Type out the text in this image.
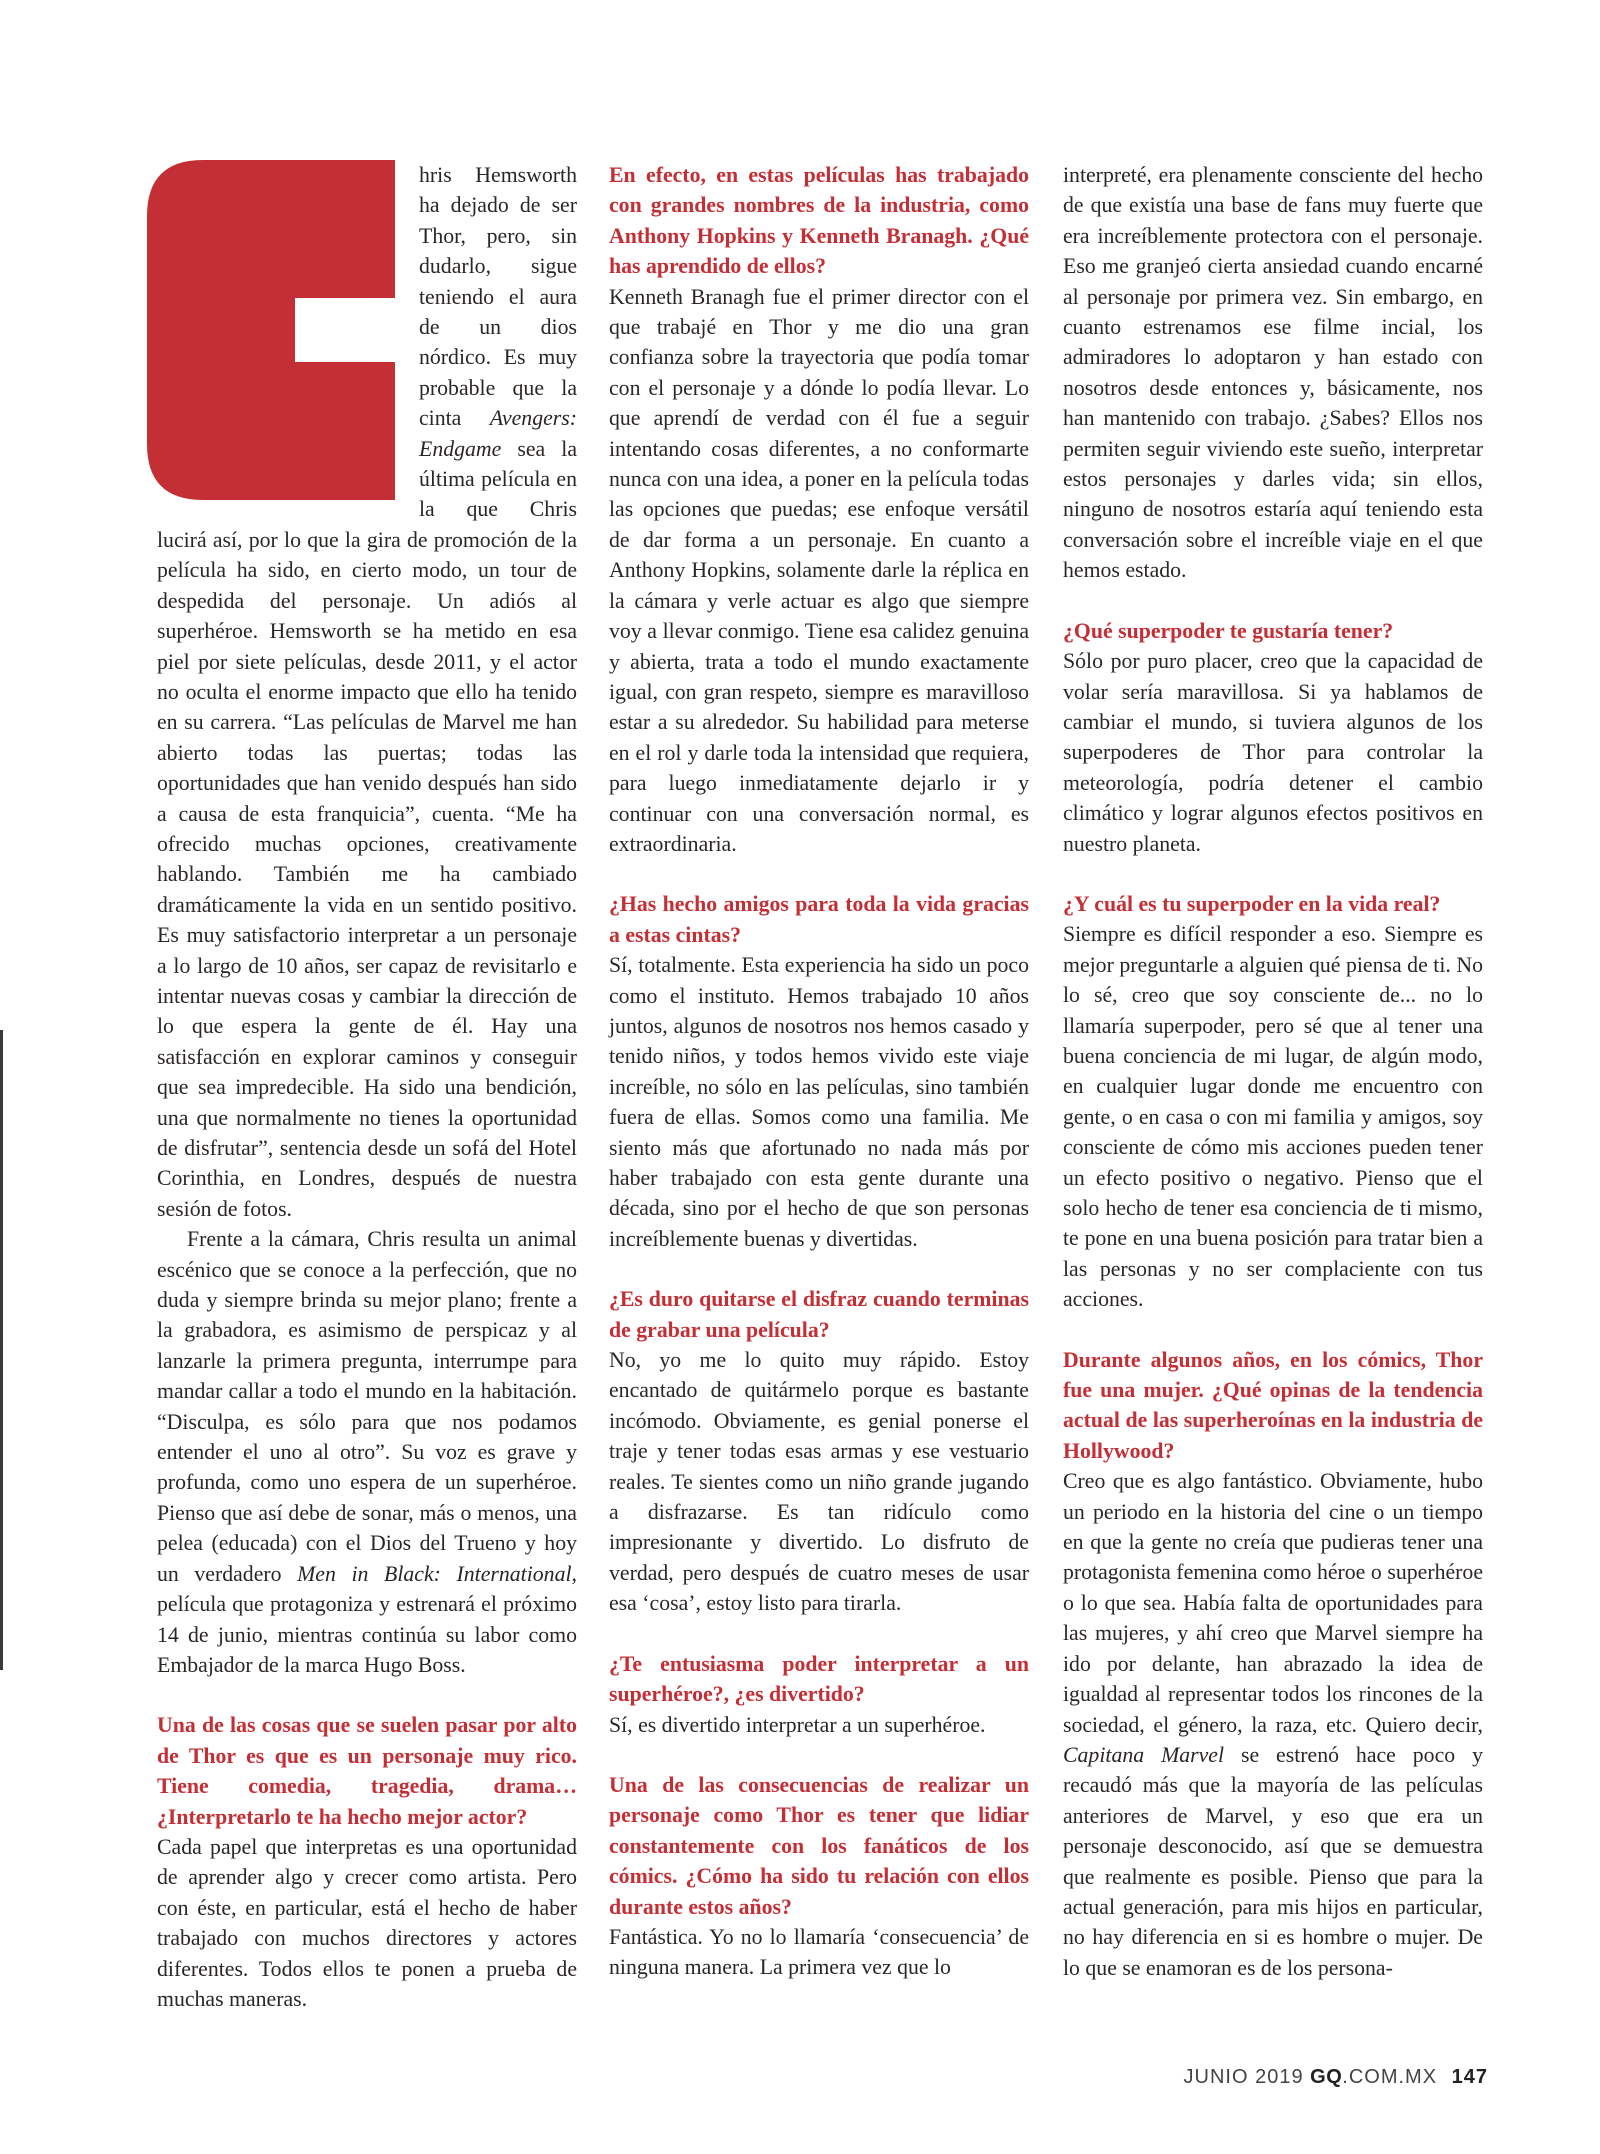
hris Hemsworth ha dejado de ser Thor, pero, sin dudarlo, sigue teniendo el aura de un dios nórdico. Es muy probable que la cinta Avengers: Endgame sea la última película en la que Chris lucirá así, por lo que la gira de promoción de la película ha sido, en cierto modo, un tour de despedida del personaje. Un adiós al superhéroe. Hemsworth se ha metido en esa piel por siete películas, desde 2011, y el actor no oculta el enorme impacto que ello ha tenido en su carrera. “Las películas de Marvel me han abierto todas las puertas; todas las oportunidades que han venido después han sido a causa de esta franquicia”, cuenta. “Me ha ofrecido muchas opciones, creativamente hablando. También me ha cambiado dramáticamente la vida en un sentido positivo. Es muy satisfactorio interpretar a un personaje a lo largo de 10 años, ser capaz de revisitarlo e intentar nuevas cosas y cambiar la dirección de lo que espera la gente de él. Hay una satisfacción en explorar caminos y conseguir que sea impredecible. Ha sido una bendición, una que normalmente no tienes la oportunidad de disfrutar”, sentencia desde un sofá del Hotel Corinthia, en Londres, después de nuestra sesión de fotos.

Frente a la cámara, Chris resulta un animal escénico que se conoce a la perfección, que no duda y siempre brinda su mejor plano; frente a la grabadora, es asimismo de perspicaz y al lanzarle la primera pregunta, interrumpe para mandar callar a todo el mundo en la habitación. “Disculpa, es sólo para que nos podamos entender el uno al otro”. Su voz es grave y profunda, como uno espera de un superhéroe. Pienso que así debe de sonar, más o menos, una pelea (educada) con el Dios del Trueno y hoy un verdadero Men in Black: International, película que protagoniza y estrenará el próximo 14 de junio, mientras continúa su labor como Embajador de la marca Hugo Boss.

Una de las cosas que se suelen pasar por alto de Thor es que es un personaje muy rico. Tiene comedia, tragedia, drama… ¿Interpretarlo te ha hecho mejor actor?

Cada papel que interpretas es una oportunidad de aprender algo y crecer como artista. Pero con éste, en particular, está el hecho de haber trabajado con muchos directores y actores diferentes. Todos ellos te ponen a prueba de muchas maneras.

En efecto, en estas películas has trabajado con grandes nombres de la industria, como Anthony Hopkins y Kenneth Branagh. ¿Qué has aprendido de ellos?

Kenneth Branagh fue el primer director con el que trabajé en Thor y me dio una gran confianza sobre la trayectoria que podía tomar con el personaje y a dónde lo podía llevar. Lo que aprendí de verdad con él fue a seguir intentando cosas diferentes, a no conformarte nunca con una idea, a poner en la película todas las opciones que puedas; ese enfoque versátil de dar forma a un personaje. En cuanto a Anthony Hopkins, solamente darle la réplica en la cámara y verle actuar es algo que siempre voy a llevar conmigo. Tiene esa calidez genuina y abierta, trata a todo el mundo exactamente igual, con gran respeto, siempre es maravilloso estar a su alrededor. Su habilidad para meterse en el rol y darle toda la intensidad que requiera, para luego inmediatamente dejarlo ir y continuar con una conversación normal, es extraordinaria.

¿Has hecho amigos para toda la vida gracias a estas cintas?

Sí, totalmente. Esta experiencia ha sido un poco como el instituto. Hemos trabajado 10 años juntos, algunos de nosotros nos hemos casado y tenido niños, y todos hemos vivido este viaje increíble, no sólo en las películas, sino también fuera de ellas. Somos como una familia. Me siento más que afortunado no nada más por haber trabajado con esta gente durante una década, sino por el hecho de que son personas increíblemente buenas y divertidas.

¿Es duro quitarse el disfraz cuando terminas de grabar una película?

No, yo me lo quito muy rápido. Estoy encantado de quitármelo porque es bastante incómodo. Obviamente, es genial ponerse el traje y tener todas esas armas y ese vestuario reales. Te sientes como un niño grande jugando a disfrazarse. Es tan ridículo como impresionante y divertido. Lo disfruto de verdad, pero después de cuatro meses de usar esa ‘cosa’, estoy listo para tirarla.

¿Te entusiasma poder interpretar a un superhéroe?, ¿es divertido?

Sí, es divertido interpretar a un superhéroe.

Una de las consecuencias de realizar un personaje como Thor es tener que lidiar constantemente con los fanáticos de los cómics. ¿Cómo ha sido tu relación con ellos durante estos años?

Fantástica. Yo no lo llamaría ‘consecuencia’ de ninguna manera. La primera vez que lo

interpreté, era plenamente consciente del hecho de que existía una base de fans muy fuerte que era increíblemente protectora con el personaje. Eso me granjeó cierta ansiedad cuando encarné al personaje por primera vez. Sin embargo, en cuanto estrenamos ese filme incial, los admiradores lo adoptaron y han estado con nosotros desde entonces y, básicamente, nos han mantenido con trabajo. ¿Sabes? Ellos nos permiten seguir viviendo este sueño, interpretar estos personajes y darles vida; sin ellos, ninguno de nosotros estaría aquí teniendo esta conversación sobre el increíble viaje en el que hemos estado.

¿Qué superpoder te gustaría tener?

Sólo por puro placer, creo que la capacidad de volar sería maravillosa. Si ya hablamos de cambiar el mundo, si tuviera algunos de los superpoderes de Thor para controlar la meteorología, podría detener el cambio climático y lograr algunos efectos positivos en nuestro planeta.

¿Y cuál es tu superpoder en la vida real?

Siempre es difícil responder a eso. Siempre es mejor preguntarle a alguien qué piensa de ti. No lo sé, creo que soy consciente de... no lo llamaría superpoder, pero sé que al tener una buena conciencia de mi lugar, de algún modo, en cualquier lugar donde me encuentro con gente, o en casa o con mi familia y amigos, soy consciente de cómo mis acciones pueden tener un efecto positivo o negativo. Pienso que el solo hecho de tener esa conciencia de ti mismo, te pone en una buena posición para tratar bien a las personas y no ser complaciente con tus acciones.

Durante algunos años, en los cómics, Thor fue una mujer. ¿Qué opinas de la tendencia actual de las superheroínas en la industria de Hollywood?

Creo que es algo fantástico. Obviamente, hubo un periodo en la historia del cine o un tiempo en que la gente no creía que pudieras tener una protagonista femenina como héroe o superhéroe o lo que sea. Había falta de oportunidades para las mujeres, y ahí creo que Marvel siempre ha ido por delante, han abrazado la idea de igualdad al representar todos los rincones de la sociedad, el género, la raza, etc. Quiero decir, Capitana Marvel se estrenó hace poco y recaudó más que la mayoría de las películas anteriores de Marvel, y eso que era un personaje desconocido, así que se demuestra que realmente es posible. Pienso que para la actual generación, para mis hijos en particular, no hay diferencia en si es hombre o mujer. De lo que se enamoran es de los persona-

JUNIO 2019 GQ.COM.MX 147
